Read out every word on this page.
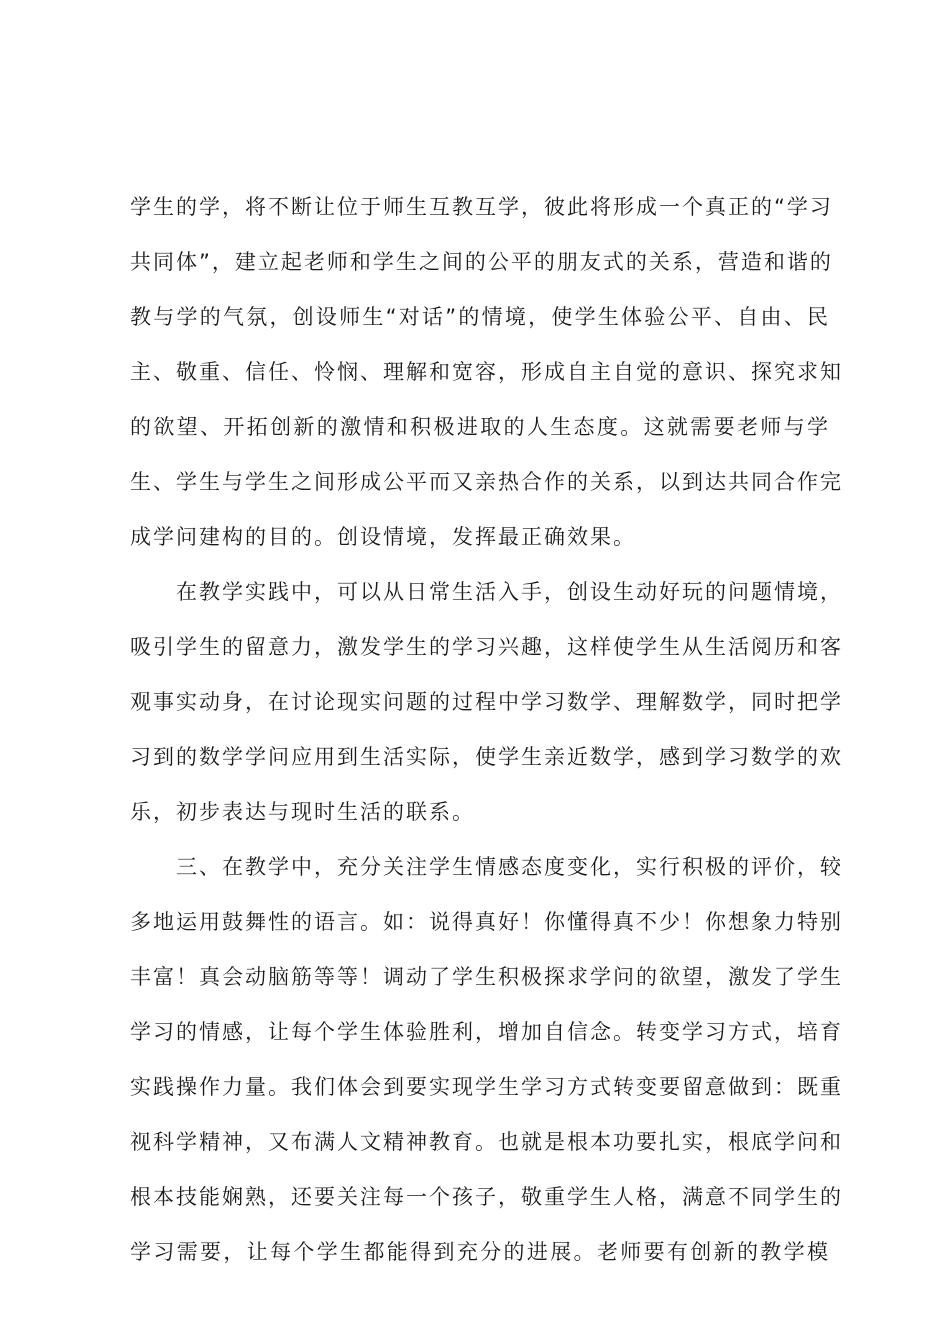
学生的学，将不断让位于师生互教互学，彼此将形成一个真正的“学习
共同体”，建立起老师和学生之间的公平的朋友式的关系，营造和谐的
教与学的气氛，创设师生“对话”的情境，使学生体验公平、自由、民
主、敬重、信任、怜悯、理解和宽容，形成自主自觉的意识、探究求知
的欲望、开拓创新的激情和积极进取的人生态度。这就需要老师与学
生、学生与学生之间形成公平而又亲热合作的关系，以到达共同合作完
成学问建构的目的。创设情境，发挥最正确效果。
在教学实践中，可以从日常生活入手，创设生动好玩的问题情境，
吸引学生的留意力，激发学生的学习兴趣，这样使学生从生活阅历和客
观事实动身，在讨论现实问题的过程中学习数学、理解数学，同时把学
习到的数学学问应用到生活实际，使学生亲近数学，感到学习数学的欢
乐，初步表达与现时生活的联系。
三、在教学中，充分关注学生情感态度变化，实行积极的评价，较
多地运用鼓舞性的语言。如：说得真好！你懂得真不少！你想象力特别
丰富！真会动脑筋等等！调动了学生积极探求学问的欲望，激发了学生
学习的情感，让每个学生体验胜利，增加自信念。转变学习方式，培育
实践操作力量。我们体会到要实现学生学习方式转变要留意做到：既重
视科学精神，又布满人文精神教育。也就是根本功要扎实，根底学问和
根本技能娴熟，还要关注每一个孩子，敬重学生人格，满意不同学生的
学习需要，让每个学生都能得到充分的进展。老师要有创新的教学模
